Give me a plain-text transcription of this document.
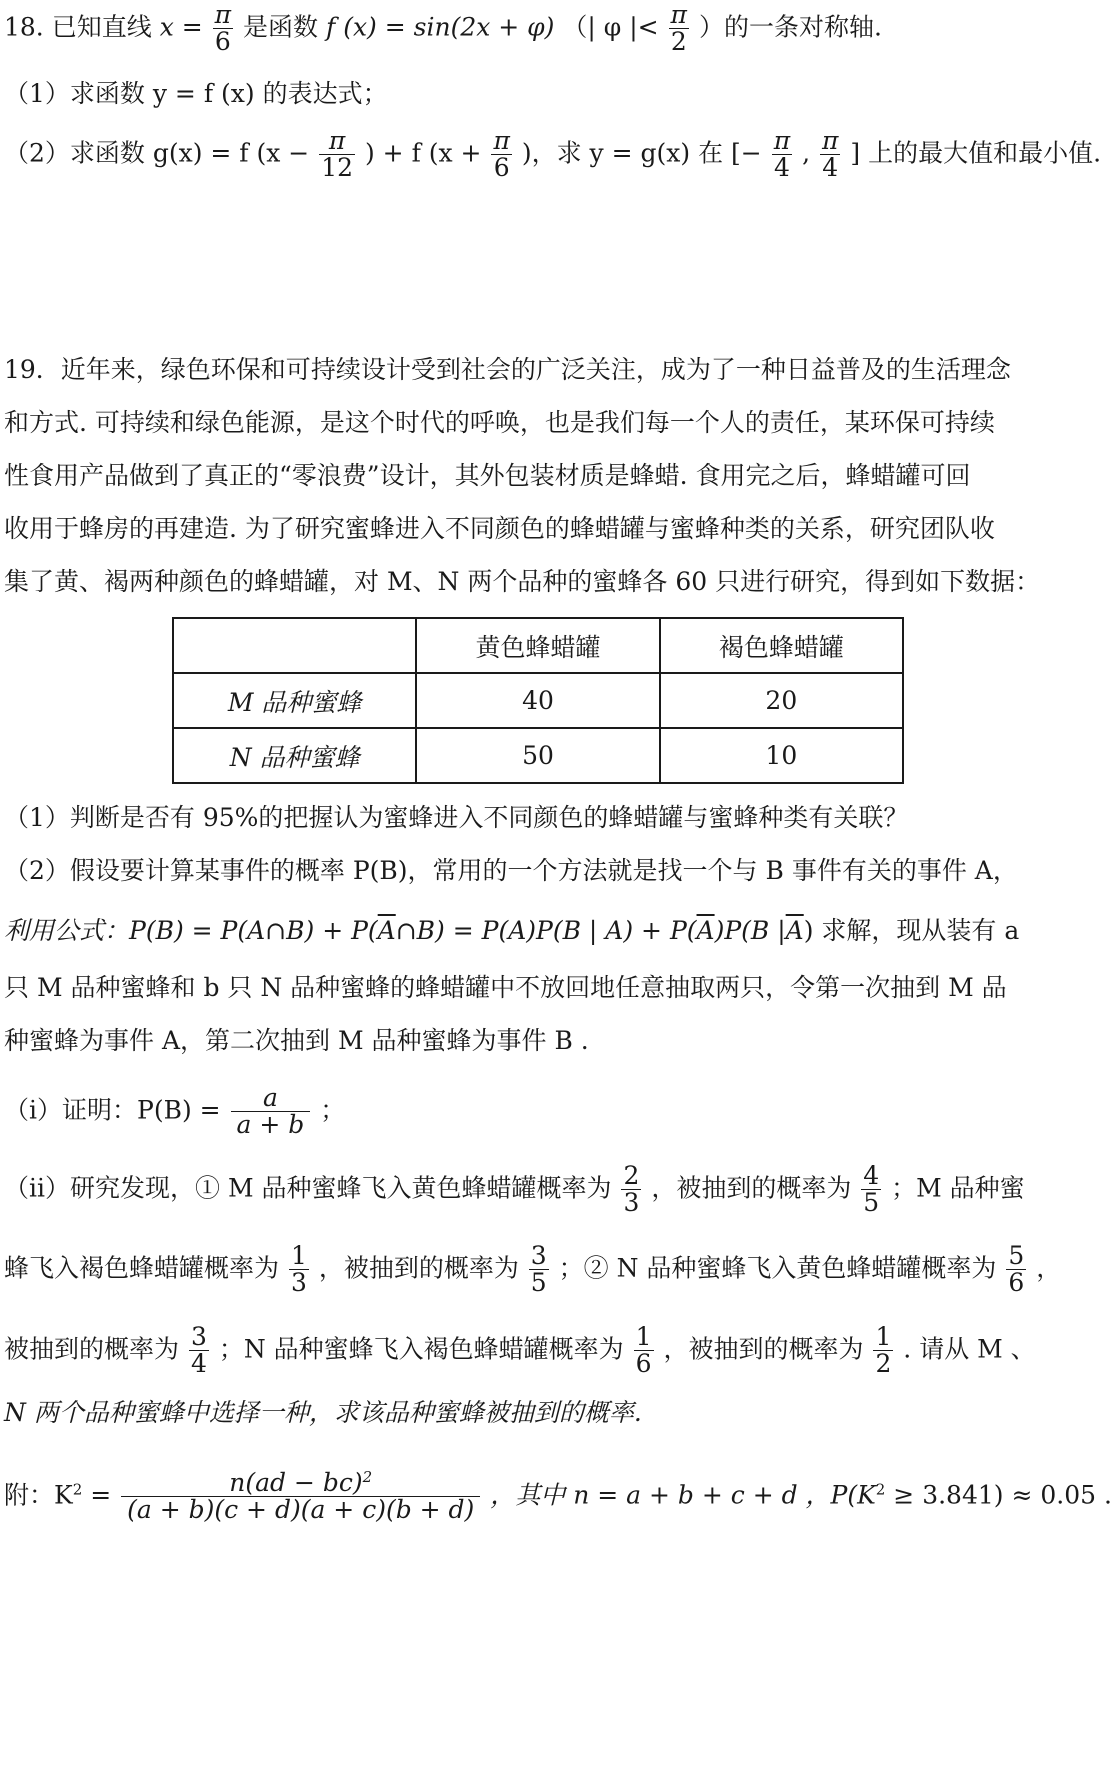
18. 已知直线 $x = \frac{\pi}{6}$ 是函数 f (x) = sin(2x + φ) （| φ |< $\frac{\pi}{2}$ ）的一条对称轴.
（1）求函数 y = f (x) 的表达式；
（2）求函数 g(x) = f ($x - \frac{\pi}{12}$ ) + f ($x + \frac{\pi}{6}$ )，求 y = g(x) 在 [− $\frac{\pi}{4}$ , $\frac{\pi}{4}$ ] 上的最大值和最小值.
19．近年来，绿色环保和可持续设计受到社会的广泛关注，成为了一种日益普及的生活理念
和方式. 可持续和绿色能源，是这个时代的呼唤，也是我们每一个人的责任，某环保可持续
性食用产品做到了真正的“零浪费”设计，其外包装材质是蜂蜡. 食用完之后，蜂蜡罐可回
收用于蜂房的再建造. 为了研究蜜蜂进入不同颜色的蜂蜡罐与蜜蜂种类的关系，研究团队收
集了黄、褐两种颜色的蜂蜡罐，对 M、N 两个品种的蜜蜂各 60 只进行研究，得到如下数据：
	黄色蜂蜡罐	褐色蜂蜡罐
M 品种蜜蜂	40	20
N 品种蜜蜂	50	10
（1）判断是否有 95%的把握认为蜜蜂进入不同颜色的蜂蜡罐与蜜蜂种类有关联？
（2）假设要计算某事件的概率 P(B)，常用的一个方法就是找一个与 B 事件有关的事件 A，
利用公式：P(B) = P(A∩B) + $P(\overline{A}\cap B) = P(A)P(B$ | $A) + P(\overline{A})P(B$ $|\overline{A}$) 求解，现从装有 a
只 M 品种蜜蜂和 b 只 N 品种蜜蜂的蜂蜡罐中不放回地任意抽取两只，令第一次抽到 M 品
种蜜蜂为事件 A，第二次抽到 M 品种蜜蜂为事件 B .
（i）证明：$P(B) = \frac{a}{a + b}$ ；
（ii）研究发现，① M 品种蜜蜂飞入黄色蜂蜡罐概率为 $\frac{2}{3}$ ，被抽到的概率为 $\frac{4}{5}$ ；M 品种蜜
蜂飞入褐色蜂蜡罐概率为 $\frac{1}{3}$ ，被抽到的概率为 $\frac{3}{5}$ ；② N 品种蜜蜂飞入黄色蜂蜡罐概率为 $\frac{5}{6}$ ，
被抽到的概率为 $\frac{3}{4}$ ；N 品种蜜蜂飞入褐色蜂蜡罐概率为 $\frac{1}{6}$ ，被抽到的概率为 $\frac{1}{2}$ . 请从 M 、
N 两个品种蜜蜂中选择一种，求该品种蜜蜂被抽到的概率.
附：$K^2 = \frac{n(ad - bc)^2}{(a + b)(c + d)(a + c)(b + d)}$ ，其中 n = a + b + c + d ，$P(K^2 \ge 3.841) \approx 0.05$ .
